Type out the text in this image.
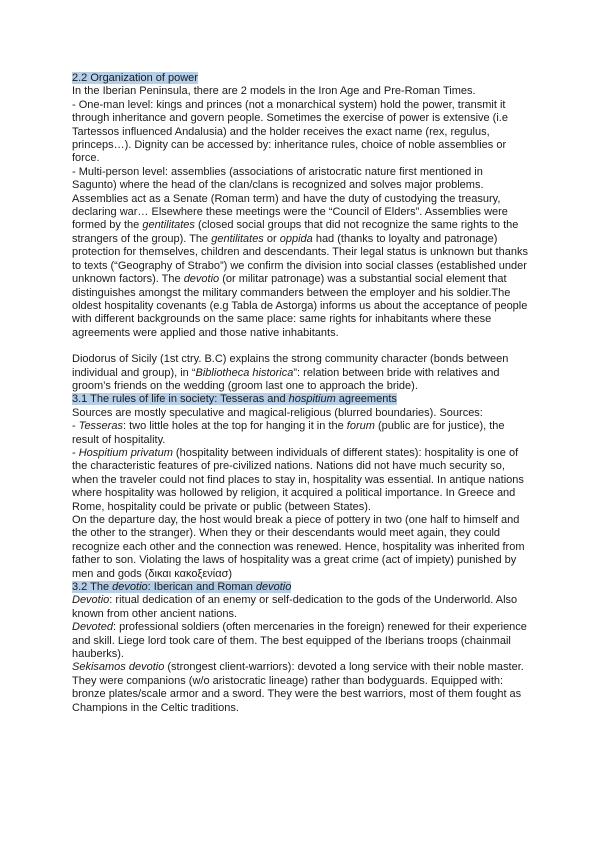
2.2 Organization of power

In the Iberian Peninsula, there are 2 models in the Iron Age and Pre-Roman Times.

- One-man level: kings and princes (not a monarchical system) hold the power, transmit it through inheritance and govern people. Sometimes the exercise of power is extensive (i.e Tartessos influenced Andalusia) and the holder receives the exact name (rex, regulus, princeps…). Dignity can be accessed by: inheritance rules, choice of noble assemblies or force.

- Multi-person level: assemblies (associations of aristocratic nature first mentioned in Sagunto) where the head of the clan/clans is recognized and solves major problems. Assemblies act as a Senate (Roman term) and have the duty of custodying the treasury, declaring war… Elsewhere these meetings were the “Council of Elders”. Assemblies were formed by the gentilitates (closed social groups that did not recognize the same rights to the strangers of the group). The gentilitates or oppida had (thanks to loyalty and patronage) protection for themselves, children and descendants. Their legal status is unknown but thanks to texts (“Geography of Strabo”) we confirm the division into social classes (established under unknown factors). The devotio (or militar patronage) was a substantial social element that distinguishes amongst the military commanders between the employer and his soldier.The oldest hospitality covenants (e.g Tabla de Astorga) informs us about the acceptance of people with different backgrounds on the same place: same rights for inhabitants where these agreements were applied and those native inhabitants.

Diodorus of Sicily (1st ctry. B.C) explains the strong community character (bonds between individual and group), in “Bibliotheca historica”: relation between bride with relatives and groom’s friends on the wedding (groom last one to approach the bride).

3.1 The rules of life in society: Tesseras and hospitium agreements

Sources are mostly speculative and magical-religious (blurred boundaries). Sources:

- Tesseras: two little holes at the top for hanging it in the forum (public are for justice), the result of hospitality.

- Hospitium privatum (hospitality between individuals of different states): hospitality is one of the characteristic features of pre-civilized nations. Nations did not have much security so, when the traveler could not find places to stay in, hospitality was essential. In antique nations where hospitality was hollowed by religion, it acquired a political importance. In Greece and Rome, hospitality could be private or public (between States).

On the departure day, the host would break a piece of pottery in two (one half to himself and the other to the stranger). When they or their descendants would meet again, they could recognize each other and the connection was renewed. Hence, hospitality was inherited from father to son. Violating the laws of hospitality was a great crime (act of impiety) punished by men and gods (δικαι κακοξενίασ)

3.2 The devotio: Iberican and Roman devotio

Devotio: ritual dedication of an enemy or self-dedication to the gods of the Underworld. Also known from other ancient nations.

Devoted: professional soldiers (often mercenaries in the foreign) renewed for their experience and skill. Liege lord took care of them. The best equipped of the Iberians troops (chainmail hauberks).

Sekisamos devotio (strongest client-warriors): devoted a long service with their noble master. They were companions (w/o aristocratic lineage) rather than bodyguards. Equipped with: bronze plates/scale armor and a sword. They were the best warriors, most of them fought as Champions in the Celtic traditions.
